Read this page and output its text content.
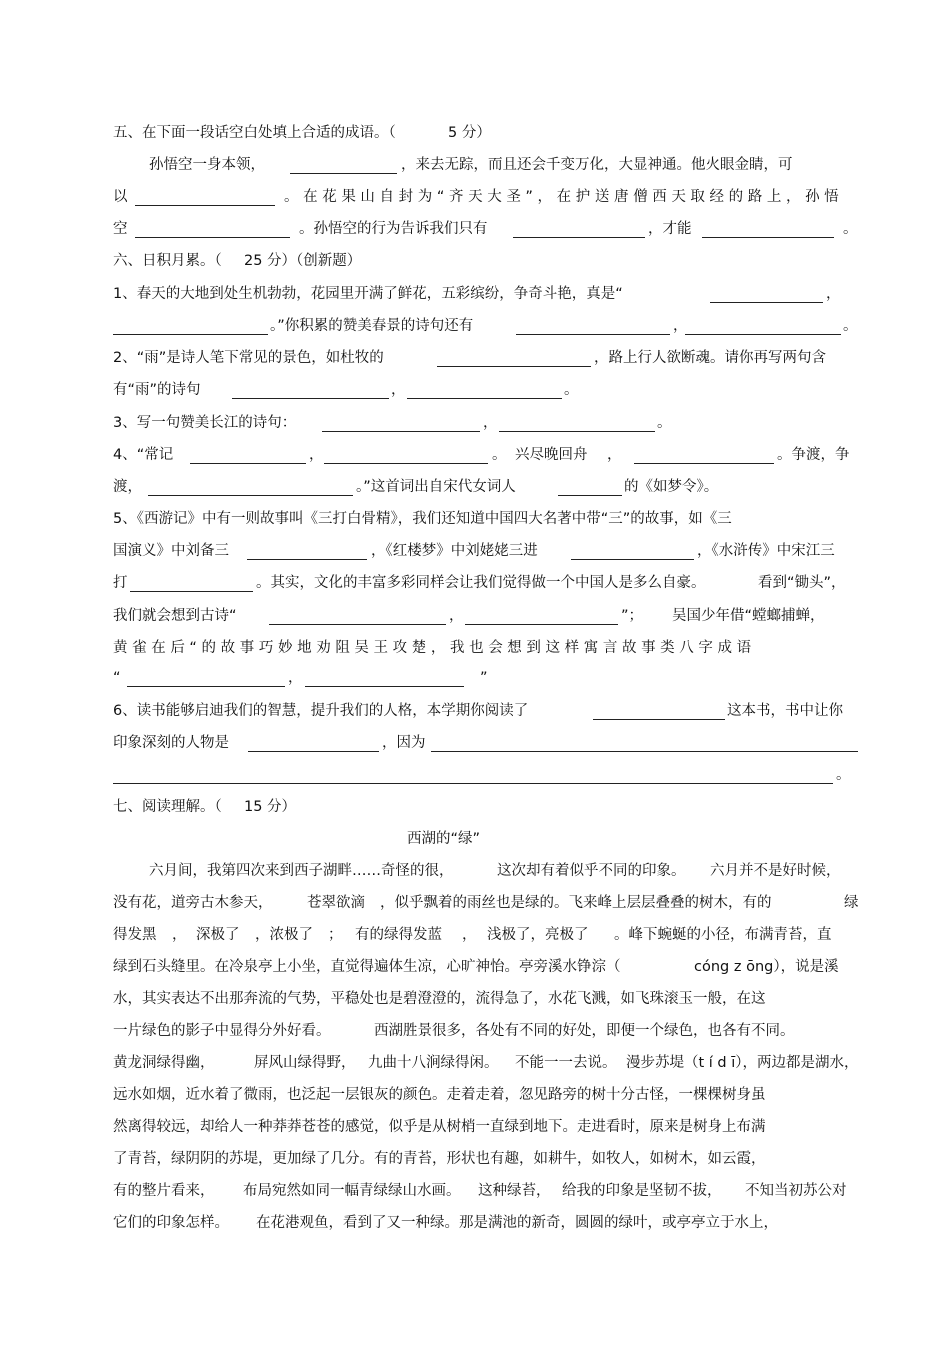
五、在下面一段话空白处填上合适的成语。（	5 分）
孙悟空一身本领，	，来去无踪，而且还会千变万化，大显神通。他火眼金睛，可
以	。 在 花 果 山 自 封 为 “ 齐 天 大 圣 ” ， 在 护 送 唐 僧 西 天 取 经 的 路 上 ， 孙 悟
空	。孙悟空的行为告诉我们只有	，才能	。
六、日积月累。（ 25 分）（创新题）
1、春天的大地到处生机勃勃，花园里开满了鲜花，五彩缤纷，争奇斗艳，真是“	，
。”你积累的赞美春景的诗句还有	，	。
2、“雨”是诗人笔下常见的景色，如杜牧的	，路上行人欲断魂。请你再写两句含
有“雨”的诗句	，	。
3、写一句赞美长江的诗句：	，	。
4、“常记	，	。 兴尽晚回舟 ，	。争渡，争
渡，	。”这首词出自宋代女词人	的《如梦令》。
5、《西游记》中有一则故事叫《三打白骨精》，我们还知道中国四大名著中带“三”的故事，如《三
国演义》中刘备三	，《红楼梦》中刘姥姥三进	，《水浒传》中宋江三
打	。其实，文化的丰富多彩同样会让我们觉得做一个中国人是多么自豪。	看到“锄头”，
我们就会想到古诗“	，	”； 吴国少年借“螳螂捕蝉，
黄 雀 在 后 “ 的 故 事 巧 妙 地 劝 阻 吴 王 攻 楚 ， 我 也 会 想 到 这 样 寓 言 故 事 类 八 字 成 语
“	，	”
6、读书能够启迪我们的智慧，提升我们的人格，本学期你阅读了	这本书，书中让你
印象深刻的人物是	，因为
。
七、阅读理解。（ 15 分）
西湖的“绿”
六月间，我第四次来到西子湖畔……奇怪的很，	这次却有着似乎不同的印象。 六月并不是好时候，
没有花，道旁古木参天， 苍翠欲滴 ，似乎飘着的雨丝也是绿的。飞来峰上层层叠叠的树木，有的	绿
得发黑 ， 深极了 ，浓极了 ； 有的绿得发蓝 ， 浅极了，亮极了 。峰下蜿蜒的小径，布满青苔，直
绿到石头缝里。在冷泉亭上小坐，直觉得遍体生凉，心旷神怡。亭旁溪水铮淙（	cóng z ōng），说是溪
水，其实表达不出那奔流的气势，平稳处也是碧澄澄的，流得急了，水花飞溅，如飞珠滚玉一般，在这
一片绿色的影子中显得分外好看。	西湖胜景很多，各处有不同的好处，即便一个绿色，也各有不同。
黄龙洞绿得幽，	屏风山绿得野， 九曲十八涧绿得闲。 不能一一去说。 漫步苏堤（t í d ī），两边都是湖水，
远水如烟，近水着了微雨，也泛起一层银灰的颜色。走着走着，忽见路旁的树十分古怪，一棵棵树身虽
然离得较远，却给人一种莽莽苍苍的感觉，似乎是从树梢一直绿到地下。走进看时，原来是树身上布满
了青苔，绿阴阴的苏堤，更加绿了几分。有的青苔，形状也有趣，如耕牛，如牧人，如树木，如云霞，
有的整片看来， 布局宛然如同一幅青绿绿山水画。 这种绿苔， 给我的印象是坚韧不拔， 不知当初苏公对
它们的印象怎样。 在花港观鱼，看到了又一种绿。那是满池的新奇，圆圆的绿叶，或亭亭立于水上，
